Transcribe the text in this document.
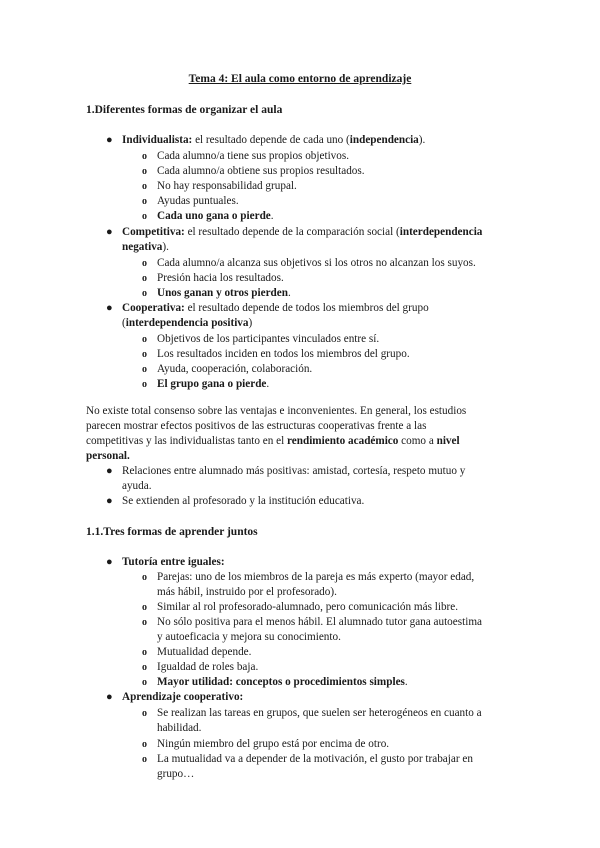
Tema 4: El aula como entorno de aprendizaje
1.Diferentes formas de organizar el aula
● Individualista: el resultado depende de cada uno (independencia).
o Cada alumno/a tiene sus propios objetivos.
o Cada alumno/a obtiene sus propios resultados.
o No hay responsabilidad grupal.
o Ayudas puntuales.
o Cada uno gana o pierde.
● Competitiva: el resultado depende de la comparación social (interdependencia
negativa).
o Cada alumno/a alcanza sus objetivos si los otros no alcanzan los suyos.
o Presión hacia los resultados.
o Unos ganan y otros pierden.
● Cooperativa: el resultado depende de todos los miembros del grupo
(interdependencia positiva)
o Objetivos de los participantes vinculados entre sí.
o Los resultados inciden en todos los miembros del grupo.
o Ayuda, cooperación, colaboración.
o El grupo gana o pierde.
No existe total consenso sobre las ventajas e inconvenientes. En general, los estudios
parecen mostrar efectos positivos de las estructuras cooperativas frente a las
competitivas y las individualistas tanto en el rendimiento académico como a nivel
personal.
● Relaciones entre alumnado más positivas: amistad, cortesía, respeto mutuo y
ayuda.
● Se extienden al profesorado y la institución educativa.
1.1.Tres formas de aprender juntos
● Tutoría entre iguales:
o Parejas: uno de los miembros de la pareja es más experto (mayor edad,
más hábil, instruido por el profesorado).
o Similar al rol profesorado-alumnado, pero comunicación más libre.
o No sólo positiva para el menos hábil. El alumnado tutor gana autoestima
y autoeficacia y mejora su conocimiento.
o Mutualidad depende.
o Igualdad de roles baja.
o Mayor utilidad: conceptos o procedimientos simples.
● Aprendizaje cooperativo:
o Se realizan las tareas en grupos, que suelen ser heterogéneos en cuanto a
habilidad.
o Ningún miembro del grupo está por encima de otro.
o La mutualidad va a depender de la motivación, el gusto por trabajar en
grupo…
